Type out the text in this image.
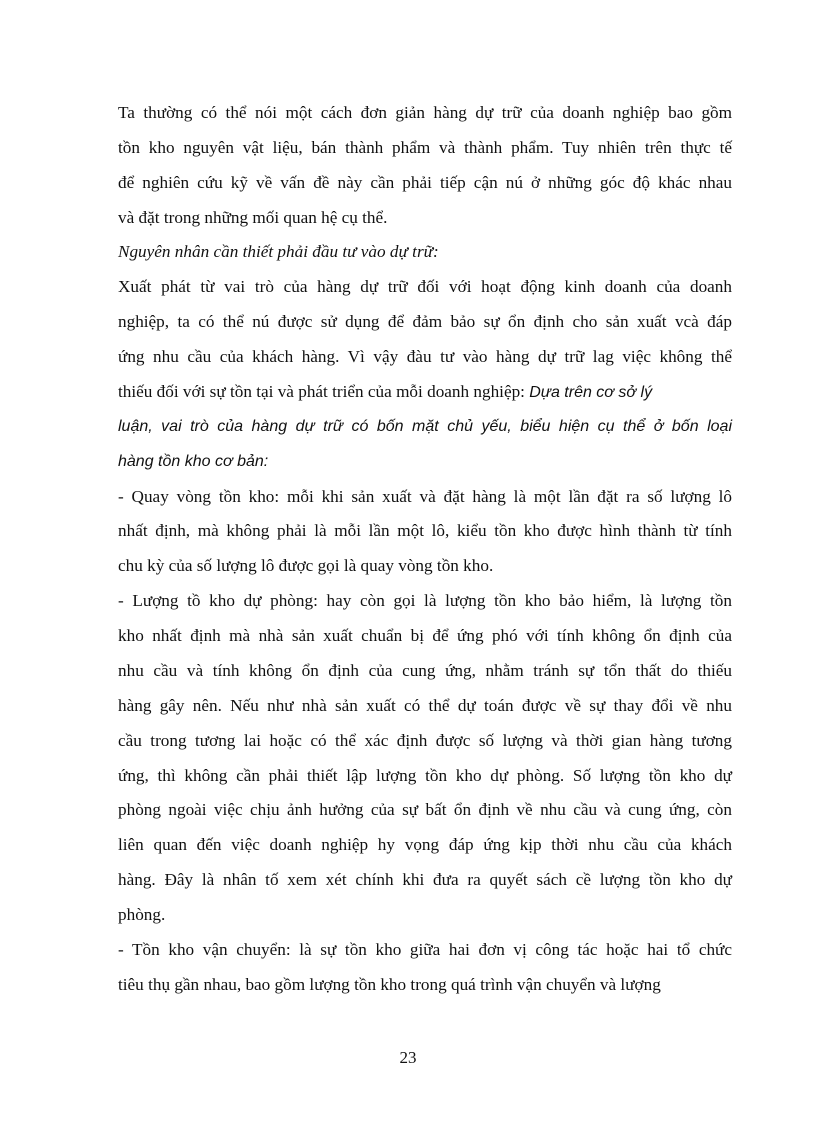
Ta thường có thể nói một cách đơn giản hàng dự trữ của doanh nghiệp bao gồm
tồn kho nguyên vật liệu, bán thành phẩm và thành phẩm. Tuy nhiên trên thực tế
để nghiên cứu kỹ về vấn đề này cần phải tiếp cận nú ở những góc độ khác nhau
và đặt trong những mối quan hệ cụ thể.
Nguyên nhân cần thiết phải đầu tư vào dự trữ:
Xuất phát từ vai trò của hàng dự trữ đối với hoạt động kinh doanh của doanh
nghiệp, ta có thể nú được sử dụng để đảm bảo sự ổn định cho sản xuất vcà đáp
ứng nhu cầu của khách hàng. Vì vậy đàu tư vào hàng dự trữ lag việc không thể
thiếu đối với sự tồn tại và phát triển của mỗi doanh nghiệp: Dựa trên cơ sở lý
luận, vai trò của hàng dự trữ có bốn mặt chủ yếu, biểu hiện cụ thể ở bốn loại
hàng tồn kho cơ bản:
- Quay vòng tồn kho: mỗi khi sản xuất và đặt hàng là một lần đặt ra số lượng lô
nhất định, mà không phải là mỗi lần một lô, kiểu tồn kho được hình thành từ tính
chu kỳ của số lượng lô được gọi là quay vòng tồn kho.
- Lượng tồ kho dự phòng: hay còn gọi là lượng tồn kho bảo hiểm, là lượng tồn
kho nhất định mà nhà sản xuất chuẩn bị để ứng phó với tính không ổn định của
nhu cầu và tính không ổn định của cung ứng, nhằm tránh sự tổn thất do thiếu
hàng gây nên. Nếu như nhà sản xuất có thể dự toán được về sự thay đổi về nhu
cầu trong tương lai hoặc có thể xác định được số lượng và thời gian hàng tương
ứng, thì không cần phải thiết lập lượng tồn kho dự phòng. Số lượng tồn kho dự
phòng ngoài việc chịu ảnh hưởng của sự bất ổn định về nhu cầu và cung ứng, còn
liên quan đến việc doanh nghiệp hy vọng đáp ứng kịp thời nhu cầu của khách
hàng. Đây là nhân tố xem xét chính khi đưa ra quyết sách cề lượng tồn kho dự
phòng.
- Tồn kho vận chuyển: là sự tồn kho giữa hai đơn vị công tác hoặc hai tổ chức
tiêu thụ gần nhau, bao gồm lượng tồn kho trong quá trình vận chuyển và lượng
23
